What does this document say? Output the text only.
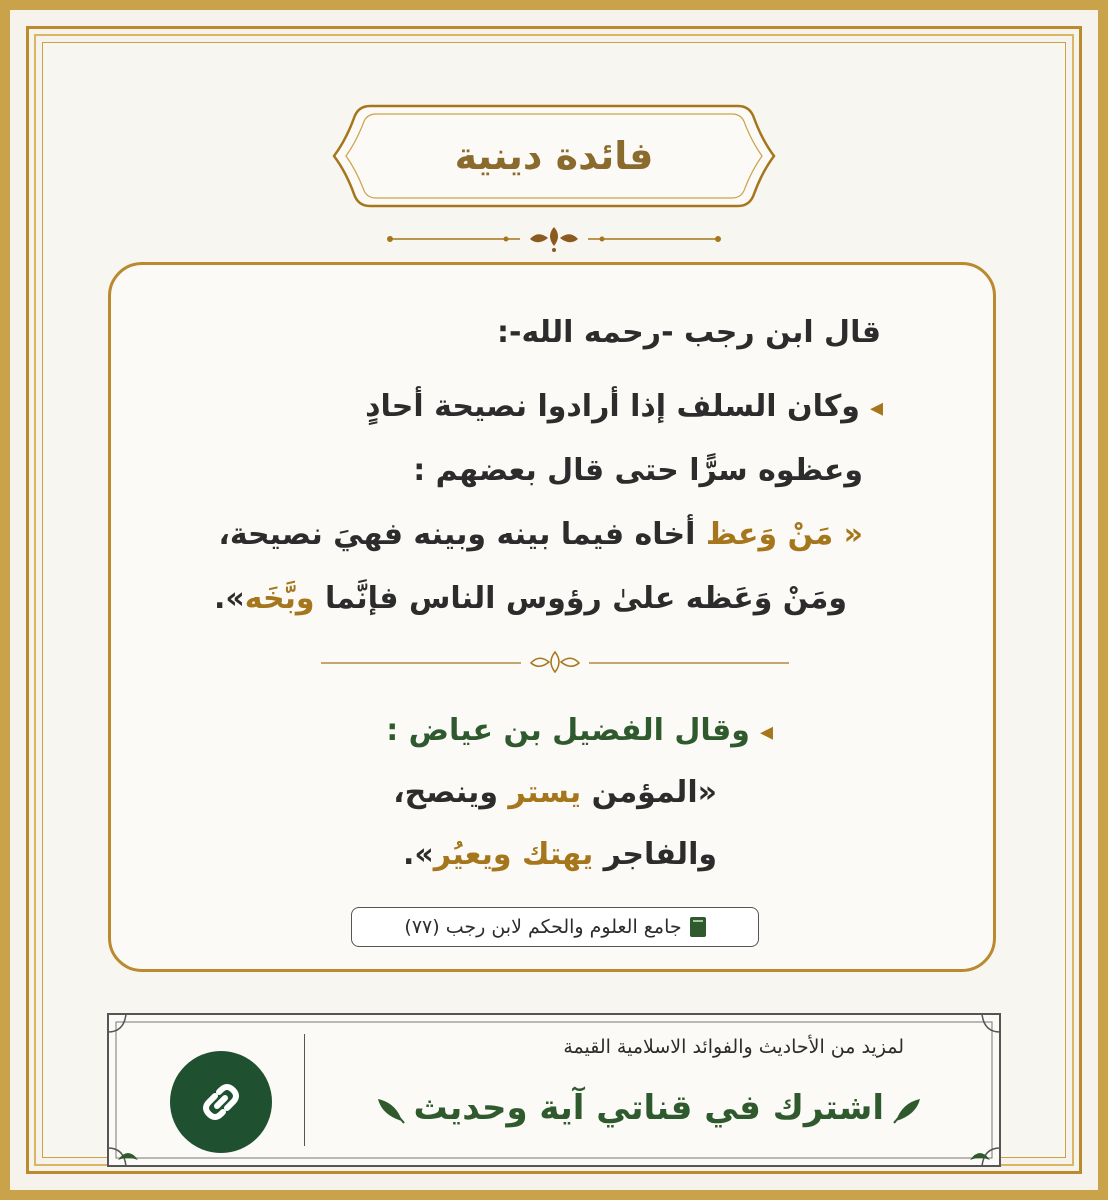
فائدة دينية
قال ابن رجب -رحمه الله-:
◂وكان السلف إذا أرادوا نصيحة أحادٍ
وعظوه سرًّا حتى قال بعضهم :
« مَنْ وَعظ أخاه فيما بينه وبينه فهيَ نصيحة،
ومَنْ وَعَظه علىٰ رؤوس الناس فإنَّما وبَّخَه».
◂وقال الفضيل بن عياض :
«المؤمن يستر وينصح،
والفاجر يهتك ويعيُر».
جامع العلوم والحكم لابن رجب (٧٧)
لمزيد من الأحاديث والفوائد الاسلامية القيمة
اشترك في قناتي آية وحديث
